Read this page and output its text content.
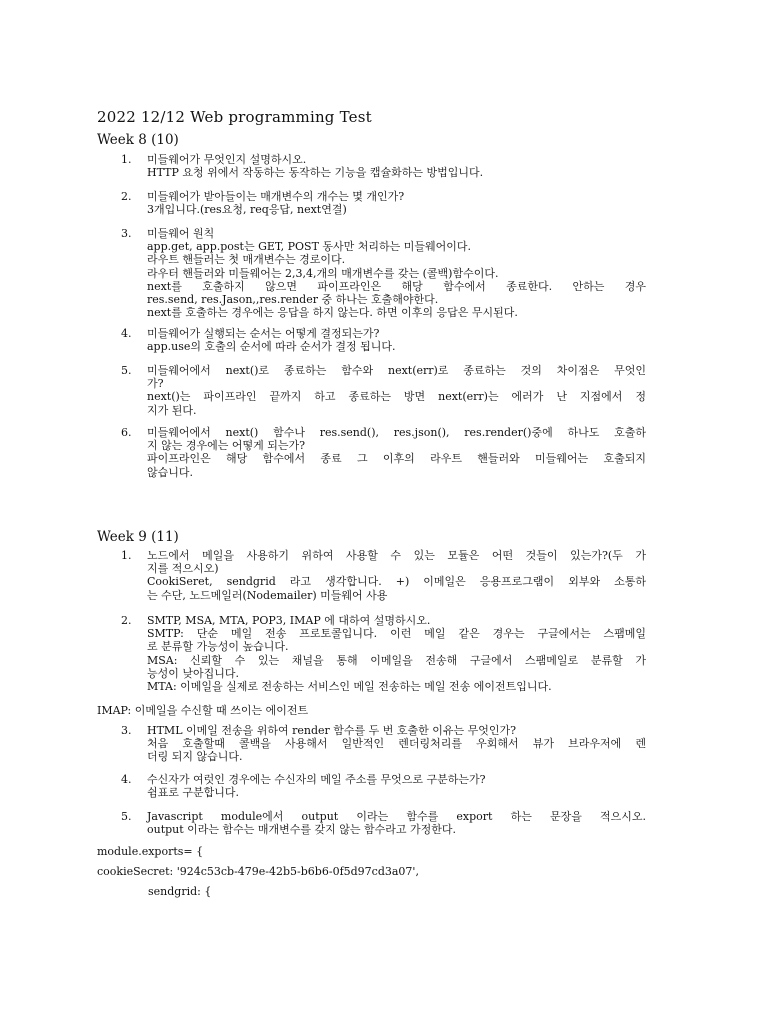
2022 12/12 Web programming Test
Week 8 (10)
1.	미들웨어가 무엇인지 설명하시오.
HTTP 요청 위에서 작동하는 동작하는 기능을 캡슐화하는 방법입니다.
2.	미들웨어가 받아들이는 매개변수의 개수는 몇 개인가?
3개입니다.(res요청, req응답, next연결)
3.	미들웨어 원칙
app.get, app.post는 GET, POST 동사만 처리하는 미들웨어이다.
라우트 핸들러는 첫 매개변수는 경로이다.
라우터 핸들러와 미들웨어는 2,3,4,개의 매개변수를 갖는 (콜백)함수이다.
next를 호출하지 않으면 파이프라인은 해당 함수에서 종료한다. 안하는 경우
res.send, res.Jason,,res.render 중 하나는 호출해야한다.
next를 호출하는 경우에는 응답을 하지 않는다. 하면 이후의 응답은 무시된다.
4.	미들웨어가 실행되는 순서는 어떻게 결정되는가?
app.use의 호출의 순서에 따라 순서가 결정 됩니다.
5.	미들웨어에서 next()로 종료하는 함수와 next(err)로 종료하는 것의 차이점은 무엇인
가?
next()는 파이프라인 끝까지 하고 종료하는 방면 next(err)는 에러가 난 지점에서 정
지가 된다.
6.	미들웨어에서 next() 함수나 res.send(), res.json(), res.render()중에 하나도 호출하
지 않는 경우에는 어떻게 되는가?
파이프라인은 해당 함수에서 종료 그 이후의 라우트 핸들러와 미들웨어는 호출되지
않습니다.
Week 9 (11)
1.	노드에서 메일을 사용하기 위하여 사용할 수 있는 모듈은 어떤 것들이 있는가?(두 가
지를 적으시오)
CookiSeret, sendgrid 라고 생각합니다. +) 이메일은 응용프로그램이 외부와 소통하
는 수단, 노드메일러(Nodemailer) 미들웨어 사용
2.	SMTP, MSA, MTA, POP3, IMAP 에 대하여 설명하시오.
SMTP: 단순 메일 전송 프로토콜입니다. 이런 메일 같은 경우는 구글에서는 스팸메일
로 분류할 가능성이 높습니다.
MSA: 신뢰할 수 있는 채널을 통해 이메일을 전송해 구글에서 스팸메일로 분류할 가
능성이 낮아집니다.
MTA: 이메일을 실제로 전송하는 서비스인 메일 전송하는 메일 전송 에이전트입니다.
IMAP: 이메일을 수신할 때 쓰이는 에이전트
3.	HTML 이메일 전송을 위하여 render 함수를 두 번 호출한 이유는 무엇인가?
처음 호출할때 콜백을 사용해서 일반적인 렌더링처리를 우회해서 뷰가 브라우저에 렌
더링 되지 않습니다.
4.	수신자가 여럿인 경우에는 수신자의 메일 주소를 무엇으로 구분하는가?
쉼표로 구분합니다.
5.	Javascript module에서 output 이라는 함수를 export 하는 문장을 적으시오.
output 이라는 함수는 매개변수를 갖지 않는 함수라고 가정한다.
module.exports= {
cookieSecret: '924c53cb-479e-42b5-b6b6-0f5d97cd3a07',
sendgrid: {
